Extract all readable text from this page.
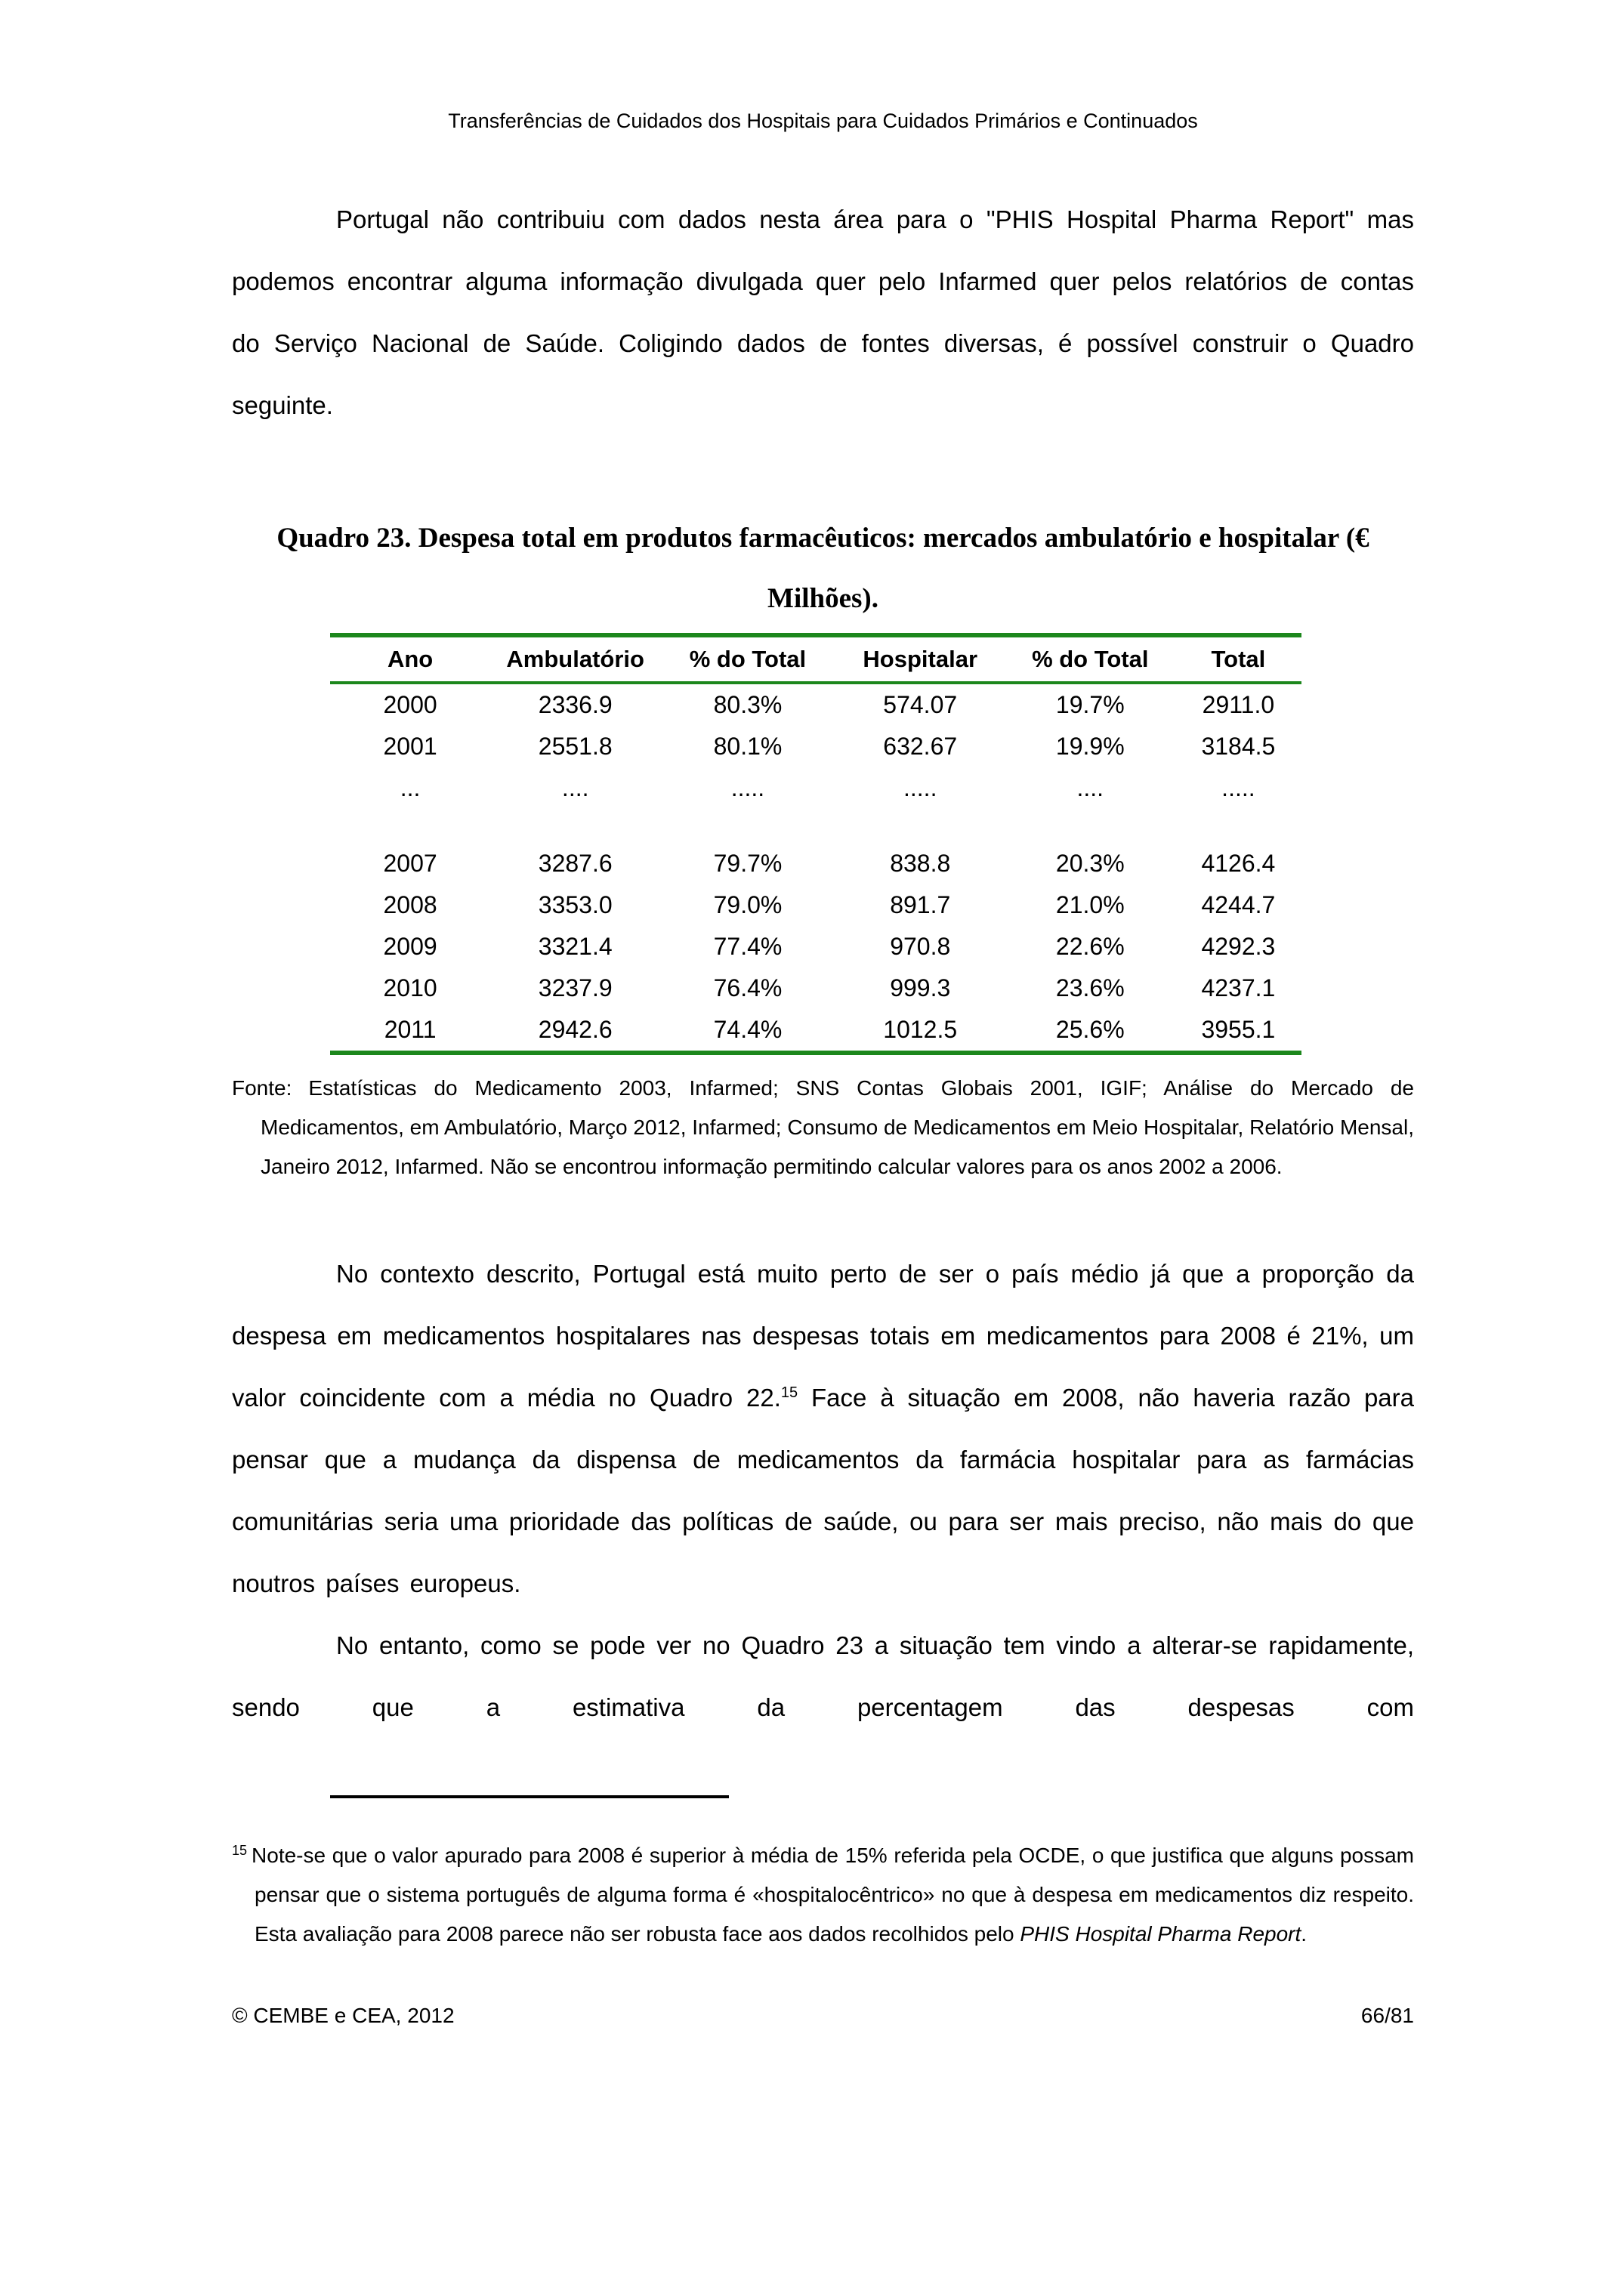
Transferências de Cuidados dos Hospitais para Cuidados Primários e Continuados

Portugal não contribuiu com dados nesta área para o "PHIS Hospital Pharma Report" mas podemos encontrar alguma informação divulgada quer pelo Infarmed quer pelos relatórios de contas do Serviço Nacional de Saúde. Coligindo dados de fontes diversas, é possível construir o Quadro seguinte.

Quadro 23. Despesa total em produtos farmacêuticos: mercados ambulatório e hospitalar (€ Milhões).
Ano	Ambulatório	% do Total	Hospitalar	% do Total	Total
2000	2336.9	80.3%	574.07	19.7%	2911.0
2001	2551.8	80.1%	632.67	19.9%	3184.5
...	....	.....	.....	....	.....

2007	3287.6	79.7%	838.8	20.3%	4126.4
2008	3353.0	79.0%	891.7	21.0%	4244.7
2009	3321.4	77.4%	970.8	22.6%	4292.3
2010	3237.9	76.4%	999.3	23.6%	4237.1
2011	2942.6	74.4%	1012.5	25.6%	3955.1

Fonte: Estatísticas do Medicamento 2003, Infarmed; SNS Contas Globais 2001, IGIF; Análise do Mercado de Medicamentos, em Ambulatório, Março 2012, Infarmed; Consumo de Medicamentos em Meio Hospitalar, Relatório Mensal, Janeiro 2012, Infarmed. Não se encontrou informação permitindo calcular valores para os anos 2002 a 2006.

No contexto descrito, Portugal está muito perto de ser o país médio já que a proporção da despesa em medicamentos hospitalares nas despesas totais em medicamentos para 2008 é 21%, um valor coincidente com a média no Quadro 22.15 Face à situação em 2008, não haveria razão para pensar que a mudança da dispensa de medicamentos da farmácia hospitalar para as farmácias comunitárias seria uma prioridade das políticas de saúde, ou para ser mais preciso, não mais do que noutros países europeus.

No entanto, como se pode ver no Quadro 23 a situação tem vindo a alterar-se rapidamente, sendo que a estimativa da percentagem das despesas com

$^{15}$ Note-se que o valor apurado para 2008 é superior à média de 15% referida pela OCDE, o que justifica que alguns possam pensar que o sistema português de alguma forma é «hospitalocêntrico» no que à despesa em medicamentos diz respeito. Esta avaliação para 2008 parece não ser robusta face aos dados recolhidos pelo PHIS Hospital Pharma Report.

© CEMBE e CEA, 2012	66/81
